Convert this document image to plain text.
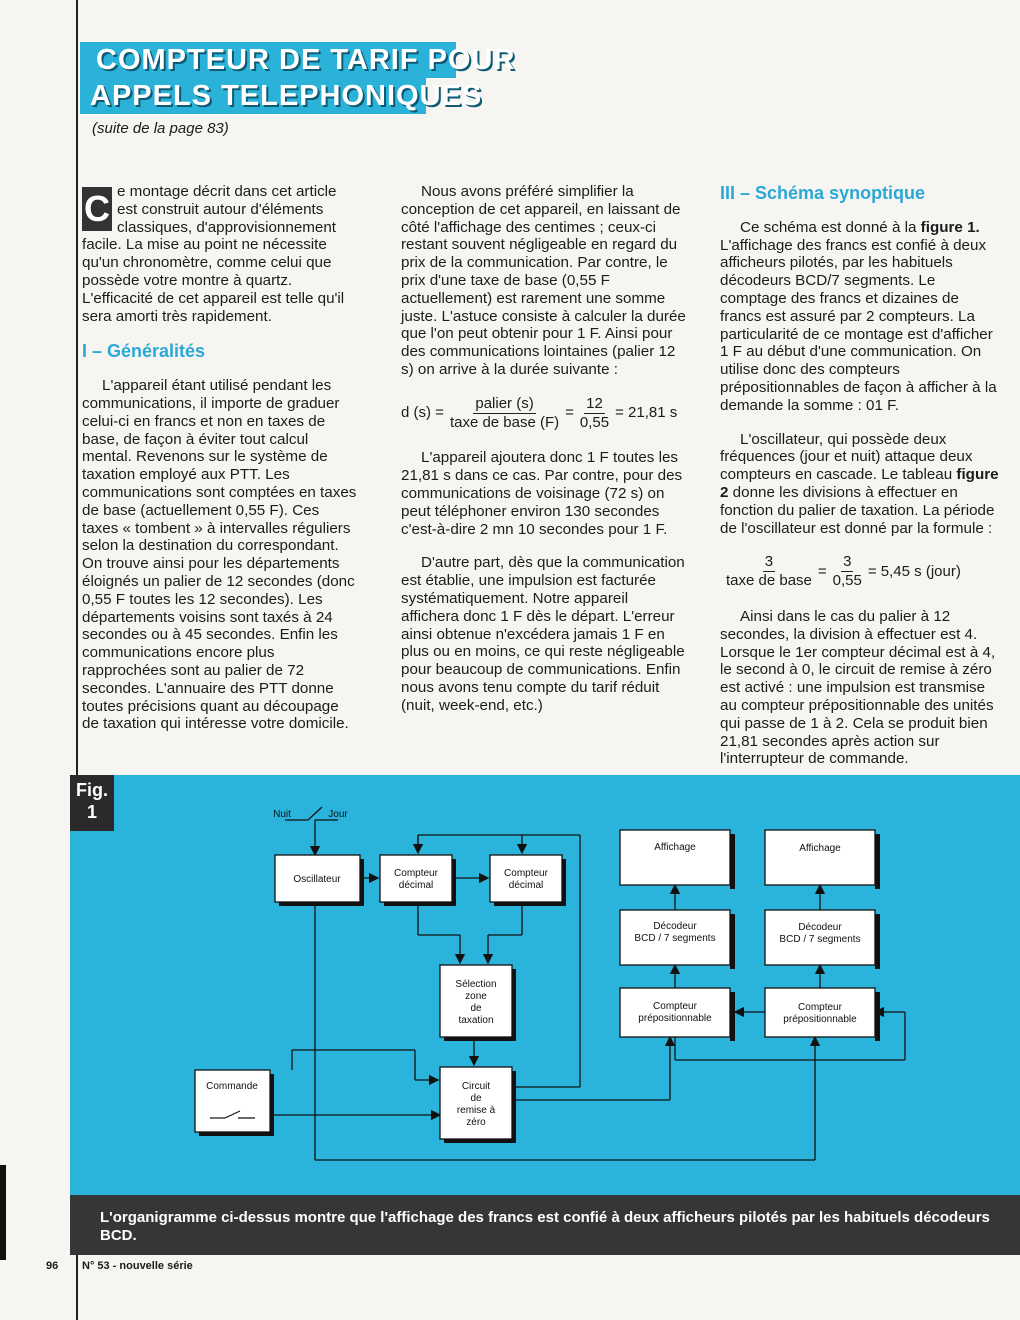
COMPTEUR DE TARIF POUR
APPELS TELEPHONIQUES
(suite de la page 83)

C e montage décrit dans cet article est construit autour d'éléments classiques, d'approvisionnement facile. La mise au point ne nécessite qu'un chronomètre, comme celui que possède votre montre à quartz. L'efficacité de cet appareil est telle qu'il sera amorti très rapidement.

I – Généralités

L'appareil étant utilisé pendant les communications, il importe de graduer celui-ci en francs et non en taxes de base, de façon à éviter tout calcul mental. Revenons sur le système de taxation employé aux PTT. Les communications sont comptées en taxes de base (actuellement 0,55 F). Ces taxes « tombent » à intervalles réguliers selon la destination du correspondant. On trouve ainsi pour les départements éloignés un palier de 12 secondes (donc 0,55 F toutes les 12 secondes). Les départements voisins sont taxés à 24 secondes ou à 45 secondes. Enfin les communications encore plus rapprochées sont au palier de 72 secondes. L'annuaire des PTT donne toutes précisions quant au découpage de taxation qui intéresse votre domicile.

Nous avons préféré simplifier la conception de cet appareil, en laissant de côté l'affichage des centimes ; ceux-ci restant souvent négligeable en regard du prix de la communication. Par contre, le prix d'une taxe de base (0,55 F actuellement) est rarement une somme juste. L'astuce consiste à calculer la durée que l'on peut obtenir pour 1 F. Ainsi pour des communications lointaines (palier 12 s) on arrive à la durée suivante :

d $(s) = \frac{\text{palier (s)}}{\text{taxe de base (F)}} = \frac{12}{0,55} = 21,81$ s

L'appareil ajoutera donc 1 F toutes les 21,81 s dans ce cas. Par contre, pour des communications de voisinage (72 s) on peut téléphoner environ 130 secondes c'est-à-dire 2 mn 10 secondes pour 1 F.

D'autre part, dès que la communication est établie, une impulsion est facturée systématiquement. Notre appareil affichera donc 1 F dès le départ. L'erreur ainsi obtenue n'excédera jamais 1 F en plus ou en moins, ce qui reste négligeable pour beaucoup de communications. Enfin nous avons tenu compte du tarif réduit (nuit, week-end, etc.)

III – Schéma synoptique

Ce schéma est donné à la figure 1. L'affichage des francs est confié à deux afficheurs pilotés, par les habituels décodeurs BCD/7 segments. Le comptage des francs et dizaines de francs est assuré par 2 compteurs. La particularité de ce montage est d'afficher 1 F au début d'une communication. On utilise donc des compteurs prépositionnables de façon à afficher à la demande la somme : 01 F.

L'oscillateur, qui possède deux fréquences (jour et nuit) attaque deux compteurs en cascade. Le tableau figure 2 donne les divisions à effectuer en fonction du palier de taxation. La période de l'oscillateur est donné par la formule :

$\frac{3}{\text{taxe de base}} = \frac{3}{0,55} = 5,45$ s (jour)

Ainsi dans le cas du palier à 12 secondes, la division à effectuer est 4. Lorsque le 1er compteur décimal est à 4, le second à 0, le circuit de remise à zéro est activé : une impulsion est transmise au compteur prépositionnable des unités qui passe de 1 à 2. Cela se produit bien 21,81 secondes après action sur l'interrupteur de commande.

Nuit	Jour
Oscillateur
Compteur
décimal
Compteur
décimal
Sélection
zone
de
taxation
Circuit
de
remise à
zéro
Commande
Affichage	Affichage
Décodeur
BCD / 7 segments
Décodeur
BCD / 7 segments
Compteur
prépositionnable
Compteur
prépositionnable
Fig.
1
L'organigramme ci-dessus montre que l'affichage des francs est confié à deux afficheurs pilotés par les habituels décodeurs BCD.
96 N° 53 - nouvelle série
